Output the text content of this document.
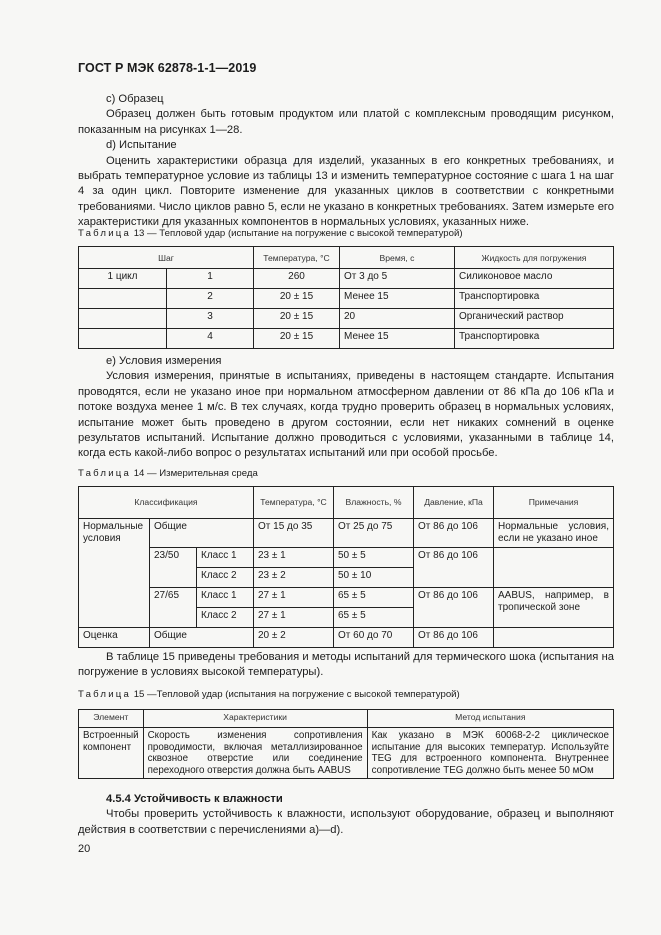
ГОСТ Р МЭК 62878-1-1—2019

c) Образец

Образец должен быть готовым продуктом или платой с комплексным проводящим рисунком, показанным на рисунках 1—28.

d) Испытание

Оценить характеристики образца для изделий, указанных в его конкретных требованиях, и выбрать температурное условие из таблицы 13 и изменить температурное состояние с шага 1 на шаг 4 за один цикл. Повторите изменение для указанных циклов в соответствии с конкретными требованиями. Число циклов равно 5, если не указано в конкретных требованиях. Затем измерьте его характеристики для указанных компонентов в нормальных условиях, указанных ниже.

Таблица 13 — Тепловой удар (испытание на погружение с высокой температурой)
Шаг		Температура, °С	Время, с	Жидкость для погружения
1 цикл	1	260	От 3 до 5	Силиконовое масло
	2	20 ± 15	Менее 15	Транспортировка
	3	20 ± 15	20	Органический раствор
	4	20 ± 15	Менее 15	Транспортировка

е) Условия измерения

Условия измерения, принятые в испытаниях, приведены в настоящем стандарте. Испытания проводятся, если не указано иное при нормальном атмосферном давлении от 86 кПа до 106 кПа и потоке воздуха менее 1 м/с. В тех случаях, когда трудно проверить образец в нормальных условиях, испытание может быть проведено в другом состоянии, если нет никаких сомнений в оценке результатов испытаний. Испытание должно проводиться с условиями, указанными в таблице 14, когда есть какой-либо вопрос о результатах испытаний или при особой просьбе.

Таблица 14 — Измерительная среда
Классификация			Температура, °С	Влажность, %	Давление, кПа	Примечания
Нормальные условия	Общие		От 15 до 35	От 25 до 75	От 86 до 106	Нормальные условия, если не указано иное
	23/50	Класс 1	23 ± 1	50 ± 5	От 86 до 106	
		Класс 2	23 ± 2	50 ± 10		
	27/65	Класс 1	27 ± 1	65 ± 5	От 86 до 106	AABUS, например, в тропической зоне
		Класс 2	27 ± 1	65 ± 5		
Оценка	Общие		20 ± 2	От 60 до 70	От 86 до 106	

В таблице 15 приведены требования и методы испытаний для термического шока (испытания на погружение в условиях высокой температуры).

Таблица 15 —Тепловой удар (испытания на погружение с высокой температурой)
Элемент	Характеристики	Метод испытания
Встроенный компонент	Скорость изменения сопротивления проводимости, включая металлизированное сквозное отверстие или соединение переходного отверстия должна быть AABUS	Как указано в МЭК 60068-2-2 циклическое испытание для высоких температур. Используйте TEG для встроенного компонента. Внутреннее сопротивление TEG должно быть менее 50 мОм

4.5.4 Устойчивость к влажности

Чтобы проверить устойчивость к влажности, используют оборудование, образец и выполняют действия в соответствии с перечислениями а)—d).

20
